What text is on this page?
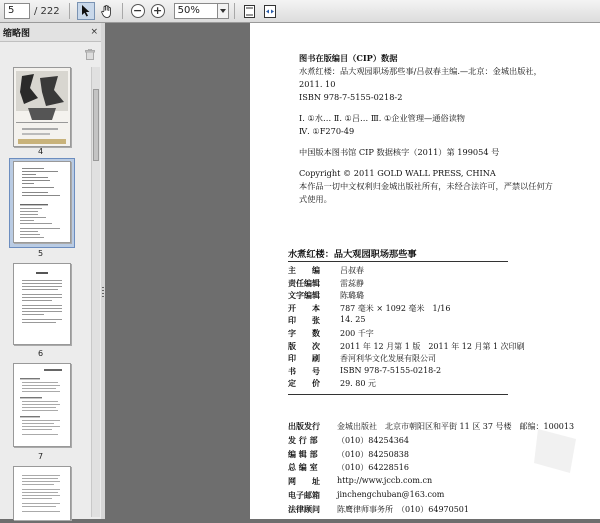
5	/ 222	− + 50%
缩略图	×
4
5
6
7
图书在版编目（CIP）数据
水煮红楼：品大观园职场那些事/吕叔春主编.—北京：金城出版社，
2011. 10
ISBN 978-7-5155-0218-2
Ⅰ. ①水… Ⅱ. ①吕… Ⅲ. ①企业管理—通俗读物
Ⅳ. ①F270-49
中国版本图书馆 CIP 数据核字（2011）第 199054 号
Copyright © 2011 GOLD WALL PRESS, CHINA
本作品一切中文权利归金城出版社所有，未经合法许可，严禁以任何方
式使用。
水煮红楼：品大观园职场那些事
主　　编	吕叔春
责任编辑	雷蕊静
文字编辑	陈璐璐
开　　本	787 毫米 × 1092 毫米　1/16
印　　张	14. 25
字　　数	200 千字
版　　次	2011 年 12 月第 1 版　2011 年 12 月第 1 次印刷
印　　刷	香河利华文化发展有限公司
书　　号	ISBN 978-7-5155-0218-2
定　　价	29. 80 元
出版发行	金城出版社　北京市朝阳区和平街 11 区 37 号楼　邮编：100013
发 行 部	（010）84254364
编 辑 部	（010）84250838
总 编 室	（010）64228516
网　　址	http://www.jccb.com.cn
电子邮箱	jinchengchuban@163.com
法律顾问	陈鹰律师事务所　（010）64970501
